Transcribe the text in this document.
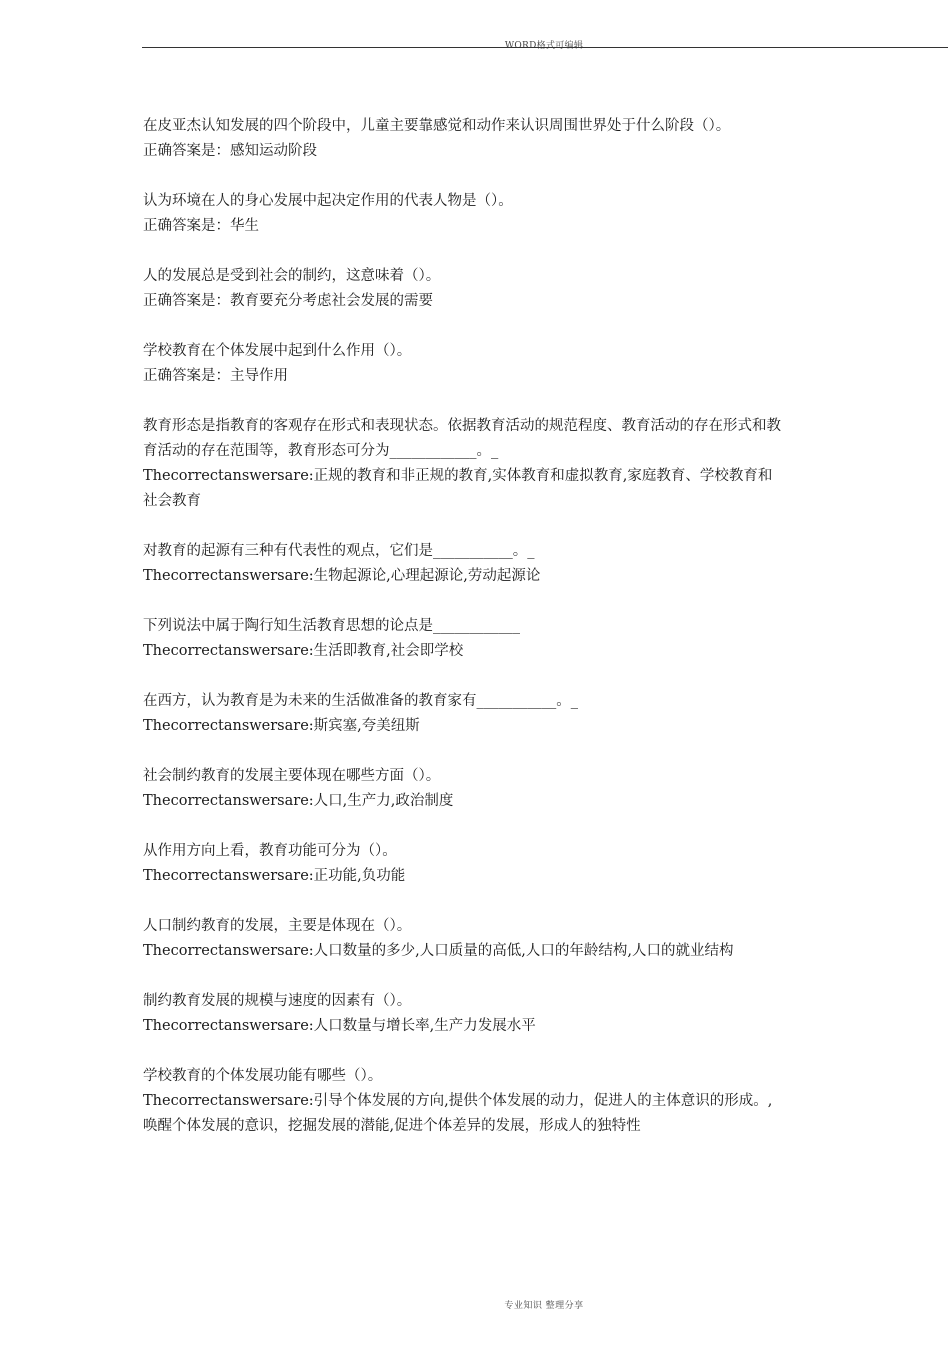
WORD格式可编辑

在皮亚杰认知发展的四个阶段中，儿童主要靠感觉和动作来认识周围世界处于什么阶段（）。

正确答案是：感知运动阶段

认为环境在人的身心发展中起决定作用的代表人物是（）。

正确答案是：华生

人的发展总是受到社会的制约，这意味着（）。

正确答案是：教育要充分考虑社会发展的需要

学校教育在个体发展中起到什么作用（）。

正确答案是：主导作用

教育形态是指教育的客观存在形式和表现状态。依据教育活动的规范程度、教育活动的存在形式和教育活动的存在范围等，教育形态可分为____________。_

Thecorrectanswersare:正规的教育和非正规的教育,实体教育和虚拟教育,家庭教育、学校教育和社会教育

对教育的起源有三种有代表性的观点，它们是___________。_

Thecorrectanswersare:生物起源论,心理起源论,劳动起源论

下列说法中属于陶行知生活教育思想的论点是____________

Thecorrectanswersare:生活即教育,社会即学校

在西方，认为教育是为未来的生活做准备的教育家有___________。_

Thecorrectanswersare:斯宾塞,夸美纽斯

社会制约教育的发展主要体现在哪些方面（）。

Thecorrectanswersare:人口,生产力,政治制度

从作用方向上看，教育功能可分为（）。

Thecorrectanswersare:正功能,负功能

人口制约教育的发展，主要是体现在（）。

Thecorrectanswersare:人口数量的多少,人口质量的高低,人口的年龄结构,人口的就业结构

制约教育发展的规模与速度的因素有（）。

Thecorrectanswersare:人口数量与增长率,生产力发展水平

学校教育的个体发展功能有哪些（）。

Thecorrectanswersare:引导个体发展的方向,提供个体发展的动力，促进人的主体意识的形成。,唤醒个体发展的意识，挖掘发展的潜能,促进个体差异的发展，形成人的独特性

专业知识 整理分享
